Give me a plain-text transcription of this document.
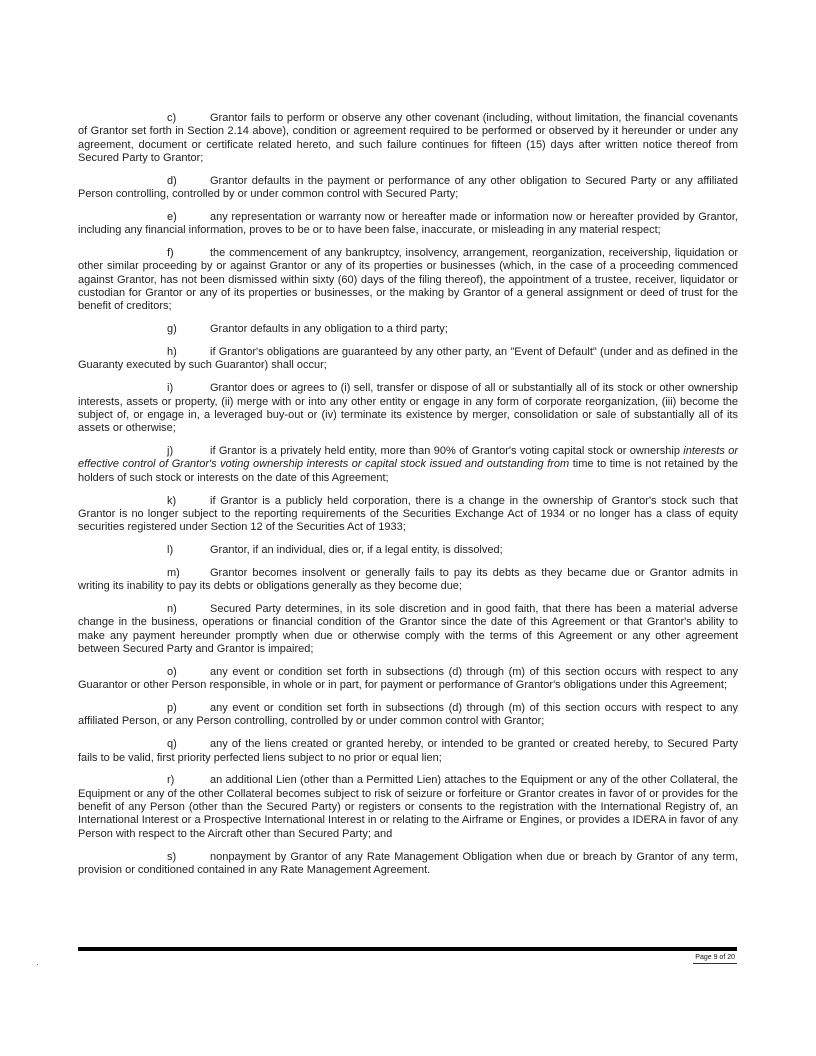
c)	Grantor fails to perform or observe any other covenant (including, without limitation, the financial covenants of Grantor set forth in Section 2.14 above), condition or agreement required to be performed or observed by it hereunder or under any agreement, document or certificate related hereto, and such failure continues for fifteen (15) days after written notice thereof from Secured Party to Grantor;

d)	Grantor defaults in the payment or performance of any other obligation to Secured Party or any affiliated Person controlling, controlled by or under common control with Secured Party;

e)	any representation or warranty now or hereafter made or information now or hereafter provided by Grantor, including any financial information, proves to be or to have been false, inaccurate, or misleading in any material respect;

f)	the commencement of any bankruptcy, insolvency, arrangement, reorganization, receivership, liquidation or other similar proceeding by or against Grantor or any of its properties or businesses (which, in the case of a proceeding commenced against Grantor, has not been dismissed within sixty (60) days of the filing thereof), the appointment of a trustee, receiver, liquidator or custodian for Grantor or any of its properties or businesses, or the making by Grantor of a general assignment or deed of trust for the benefit of creditors;

g)	Grantor defaults in any obligation to a third party;

h)	if Grantor's obligations are guaranteed by any other party, an "Event of Default" (under and as defined in the Guaranty executed by such Guarantor) shall occur;

i)	Grantor does or agrees to (i) sell, transfer or dispose of all or substantially all of its stock or other ownership interests, assets or property, (ii) merge with or into any other entity or engage in any form of corporate reorganization, (iii) become the subject of, or engage in, a leveraged buy-out or (iv) terminate its existence by merger, consolidation or sale of substantially all of its assets or otherwise;

j)	if Grantor is a privately held entity, more than 90% of Grantor's voting capital stock or ownership interests or effective control of Grantor's voting ownership interests or capital stock issued and outstanding from time to time is not retained by the holders of such stock or interests on the date of this Agreement;

k)	if Grantor is a publicly held corporation, there is a change in the ownership of Grantor's stock such that Grantor is no longer subject to the reporting requirements of the Securities Exchange Act of 1934 or no longer has a class of equity securities registered under Section 12 of the Securities Act of 1933;

l)	Grantor, if an individual, dies or, if a legal entity, is dissolved;

m)	Grantor becomes insolvent or generally fails to pay its debts as they became due or Grantor admits in writing its inability to pay its debts or obligations generally as they become due;

n)	Secured Party determines, in its sole discretion and in good faith, that there has been a material adverse change in the business, operations or financial condition of the Grantor since the date of this Agreement or that Grantor's ability to make any payment hereunder promptly when due or otherwise comply with the terms of this Agreement or any other agreement between Secured Party and Grantor is impaired;

o)	any event or condition set forth in subsections (d) through (m) of this section occurs with respect to any Guarantor or other Person responsible, in whole or in part, for payment or performance of Grantor's obligations under this Agreement;

p)	any event or condition set forth in subsections (d) through (m) of this section occurs with respect to any affiliated Person, or any Person controlling, controlled by or under common control with Grantor;

q)	any of the liens created or granted hereby, or intended to be granted or created hereby, to Secured Party fails to be valid, first priority perfected liens subject to no prior or equal lien;

r)	an additional Lien (other than a Permitted Lien) attaches to the Equipment or any of the other Collateral, the Equipment or any of the other Collateral becomes subject to risk of seizure or forfeiture or Grantor creates in favor of or provides for the benefit of any Person (other than the Secured Party) or registers or consents to the registration with the International Registry of, an International Interest or a Prospective International Interest in or relating to the Airframe or Engines, or provides a IDERA in favor of any Person with respect to the Aircraft other than Secured Party; and

s)	nonpayment by Grantor of any Rate Management Obligation when due or breach by Grantor of any term, provision or conditioned contained in any Rate Management Agreement.

Page 9 of 20
.
